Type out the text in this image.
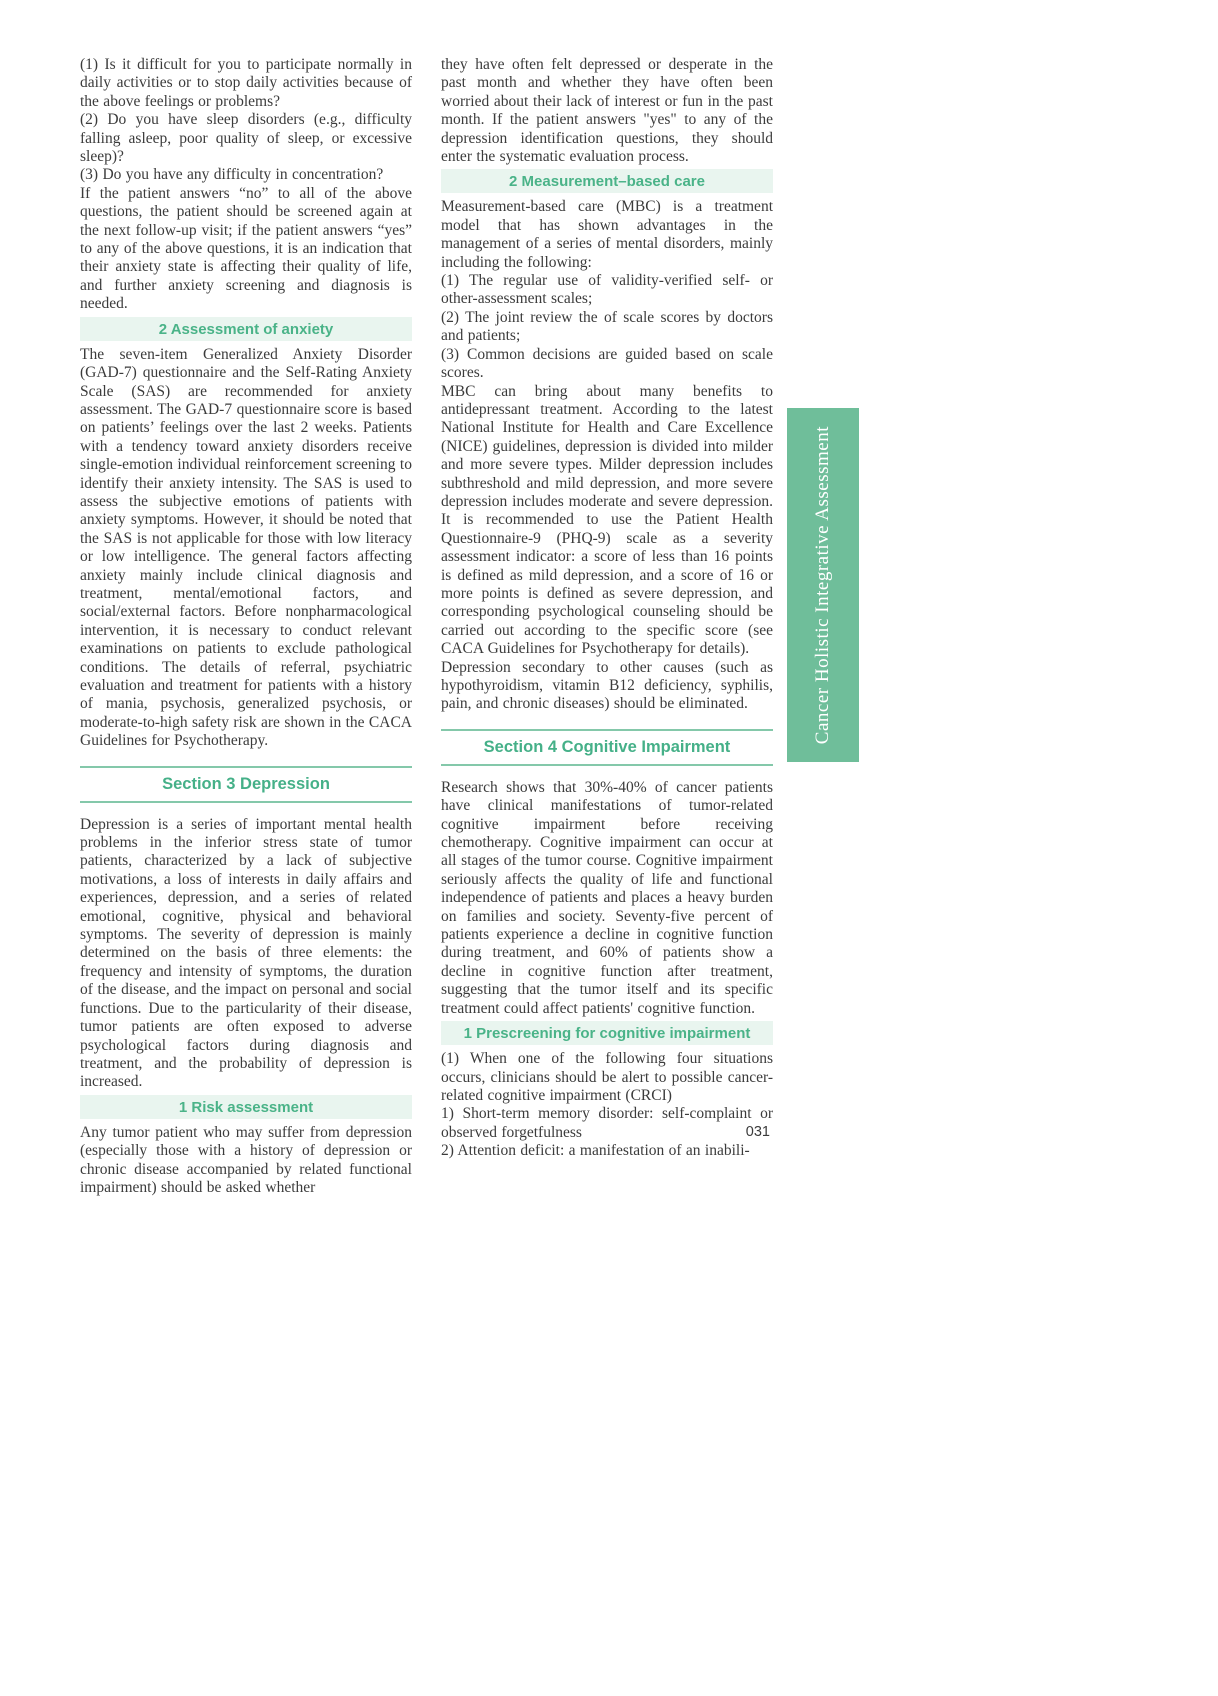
(1) Is it difficult for you to participate normally in daily activities or to stop daily activities because of the above feelings or problems?

(2) Do you have sleep disorders (e.g., difficulty falling asleep, poor quality of sleep, or excessive sleep)?

(3) Do you have any difficulty in concentration?

If the patient answers “no” to all of the above questions, the patient should be screened again at the next follow-up visit; if the patient answers “yes” to any of the above questions, it is an indication that their anxiety state is affecting their quality of life, and further anxiety screening and diagnosis is needed.

2 Assessment of anxiety

The seven-item Generalized Anxiety Disorder (GAD-7) questionnaire and the Self-Rating Anxiety Scale (SAS) are recommended for anxiety assessment. The GAD-7 questionnaire score is based on patients’ feelings over the last 2 weeks. Patients with a tendency toward anxiety disorders receive single-emotion individual reinforcement screening to identify their anxiety intensity. The SAS is used to assess the subjective emotions of patients with anxiety symptoms. However, it should be noted that the SAS is not applicable for those with low literacy or low intelligence. The general factors affecting anxiety mainly include clinical diagnosis and treatment, mental/emotional factors, and social/external factors. Before nonpharmacological intervention, it is necessary to conduct relevant examinations on patients to exclude pathological conditions. The details of referral, psychiatric evaluation and treatment for patients with a history of mania, psychosis, generalized psychosis, or moderate-to-high safety risk are shown in the CACA Guidelines for Psychotherapy.

Section 3 Depression

Depression is a series of important mental health problems in the inferior stress state of tumor patients, characterized by a lack of subjective motivations, a loss of interests in daily affairs and experiences, depression, and a series of related emotional, cognitive, physical and behavioral symptoms. The severity of depression is mainly determined on the basis of three elements: the frequency and intensity of symptoms, the duration of the disease, and the impact on personal and social functions. Due to the particularity of their disease, tumor patients are often exposed to adverse psychological factors during diagnosis and treatment, and the probability of depression is increased.

1 Risk assessment

Any tumor patient who may suffer from depression (especially those with a history of depression or chronic disease accompanied by related functional impairment) should be asked whether

they have often felt depressed or desperate in the past month and whether they have often been worried about their lack of interest or fun in the past month. If the patient answers "yes" to any of the depression identification questions, they should enter the systematic evaluation process.

2 Measurement–based care

Measurement-based care (MBC) is a treatment model that has shown advantages in the management of a series of mental disorders, mainly including the following:

(1) The regular use of validity-verified self- or other-assessment scales;

(2) The joint review the of scale scores by doctors and patients;

(3) Common decisions are guided based on scale scores.

MBC can bring about many benefits to antidepressant treatment. According to the latest National Institute for Health and Care Excellence (NICE) guidelines, depression is divided into milder and more severe types. Milder depression includes subthreshold and mild depression, and more severe depression includes moderate and severe depression. It is recommended to use the Patient Health Questionnaire-9 (PHQ-9) scale as a severity assessment indicator: a score of less than 16 points is defined as mild depression, and a score of 16 or more points is defined as severe depression, and corresponding psychological counseling should be carried out according to the specific score (see CACA Guidelines for Psychotherapy for details).

Depression secondary to other causes (such as hypothyroidism, vitamin B12 deficiency, syphilis, pain, and chronic diseases) should be eliminated.

Section 4 Cognitive Impairment

Research shows that 30%-40% of cancer patients have clinical manifestations of tumor-related cognitive impairment before receiving chemotherapy. Cognitive impairment can occur at all stages of the tumor course. Cognitive impairment seriously affects the quality of life and functional independence of patients and places a heavy burden on families and society. Seventy-five percent of patients experience a decline in cognitive function during treatment, and 60% of patients show a decline in cognitive function after treatment, suggesting that the tumor itself and its specific treatment could affect patients' cognitive function.

1 Prescreening for cognitive impairment

(1) When one of the following four situations occurs, clinicians should be alert to possible cancer-related cognitive impairment (CRCI)

1) Short-term memory disorder: self-complaint or observed forgetfulness

2) Attention deficit: a manifestation of an inabili-

Cancer Holistic Integrative Assessment
031
